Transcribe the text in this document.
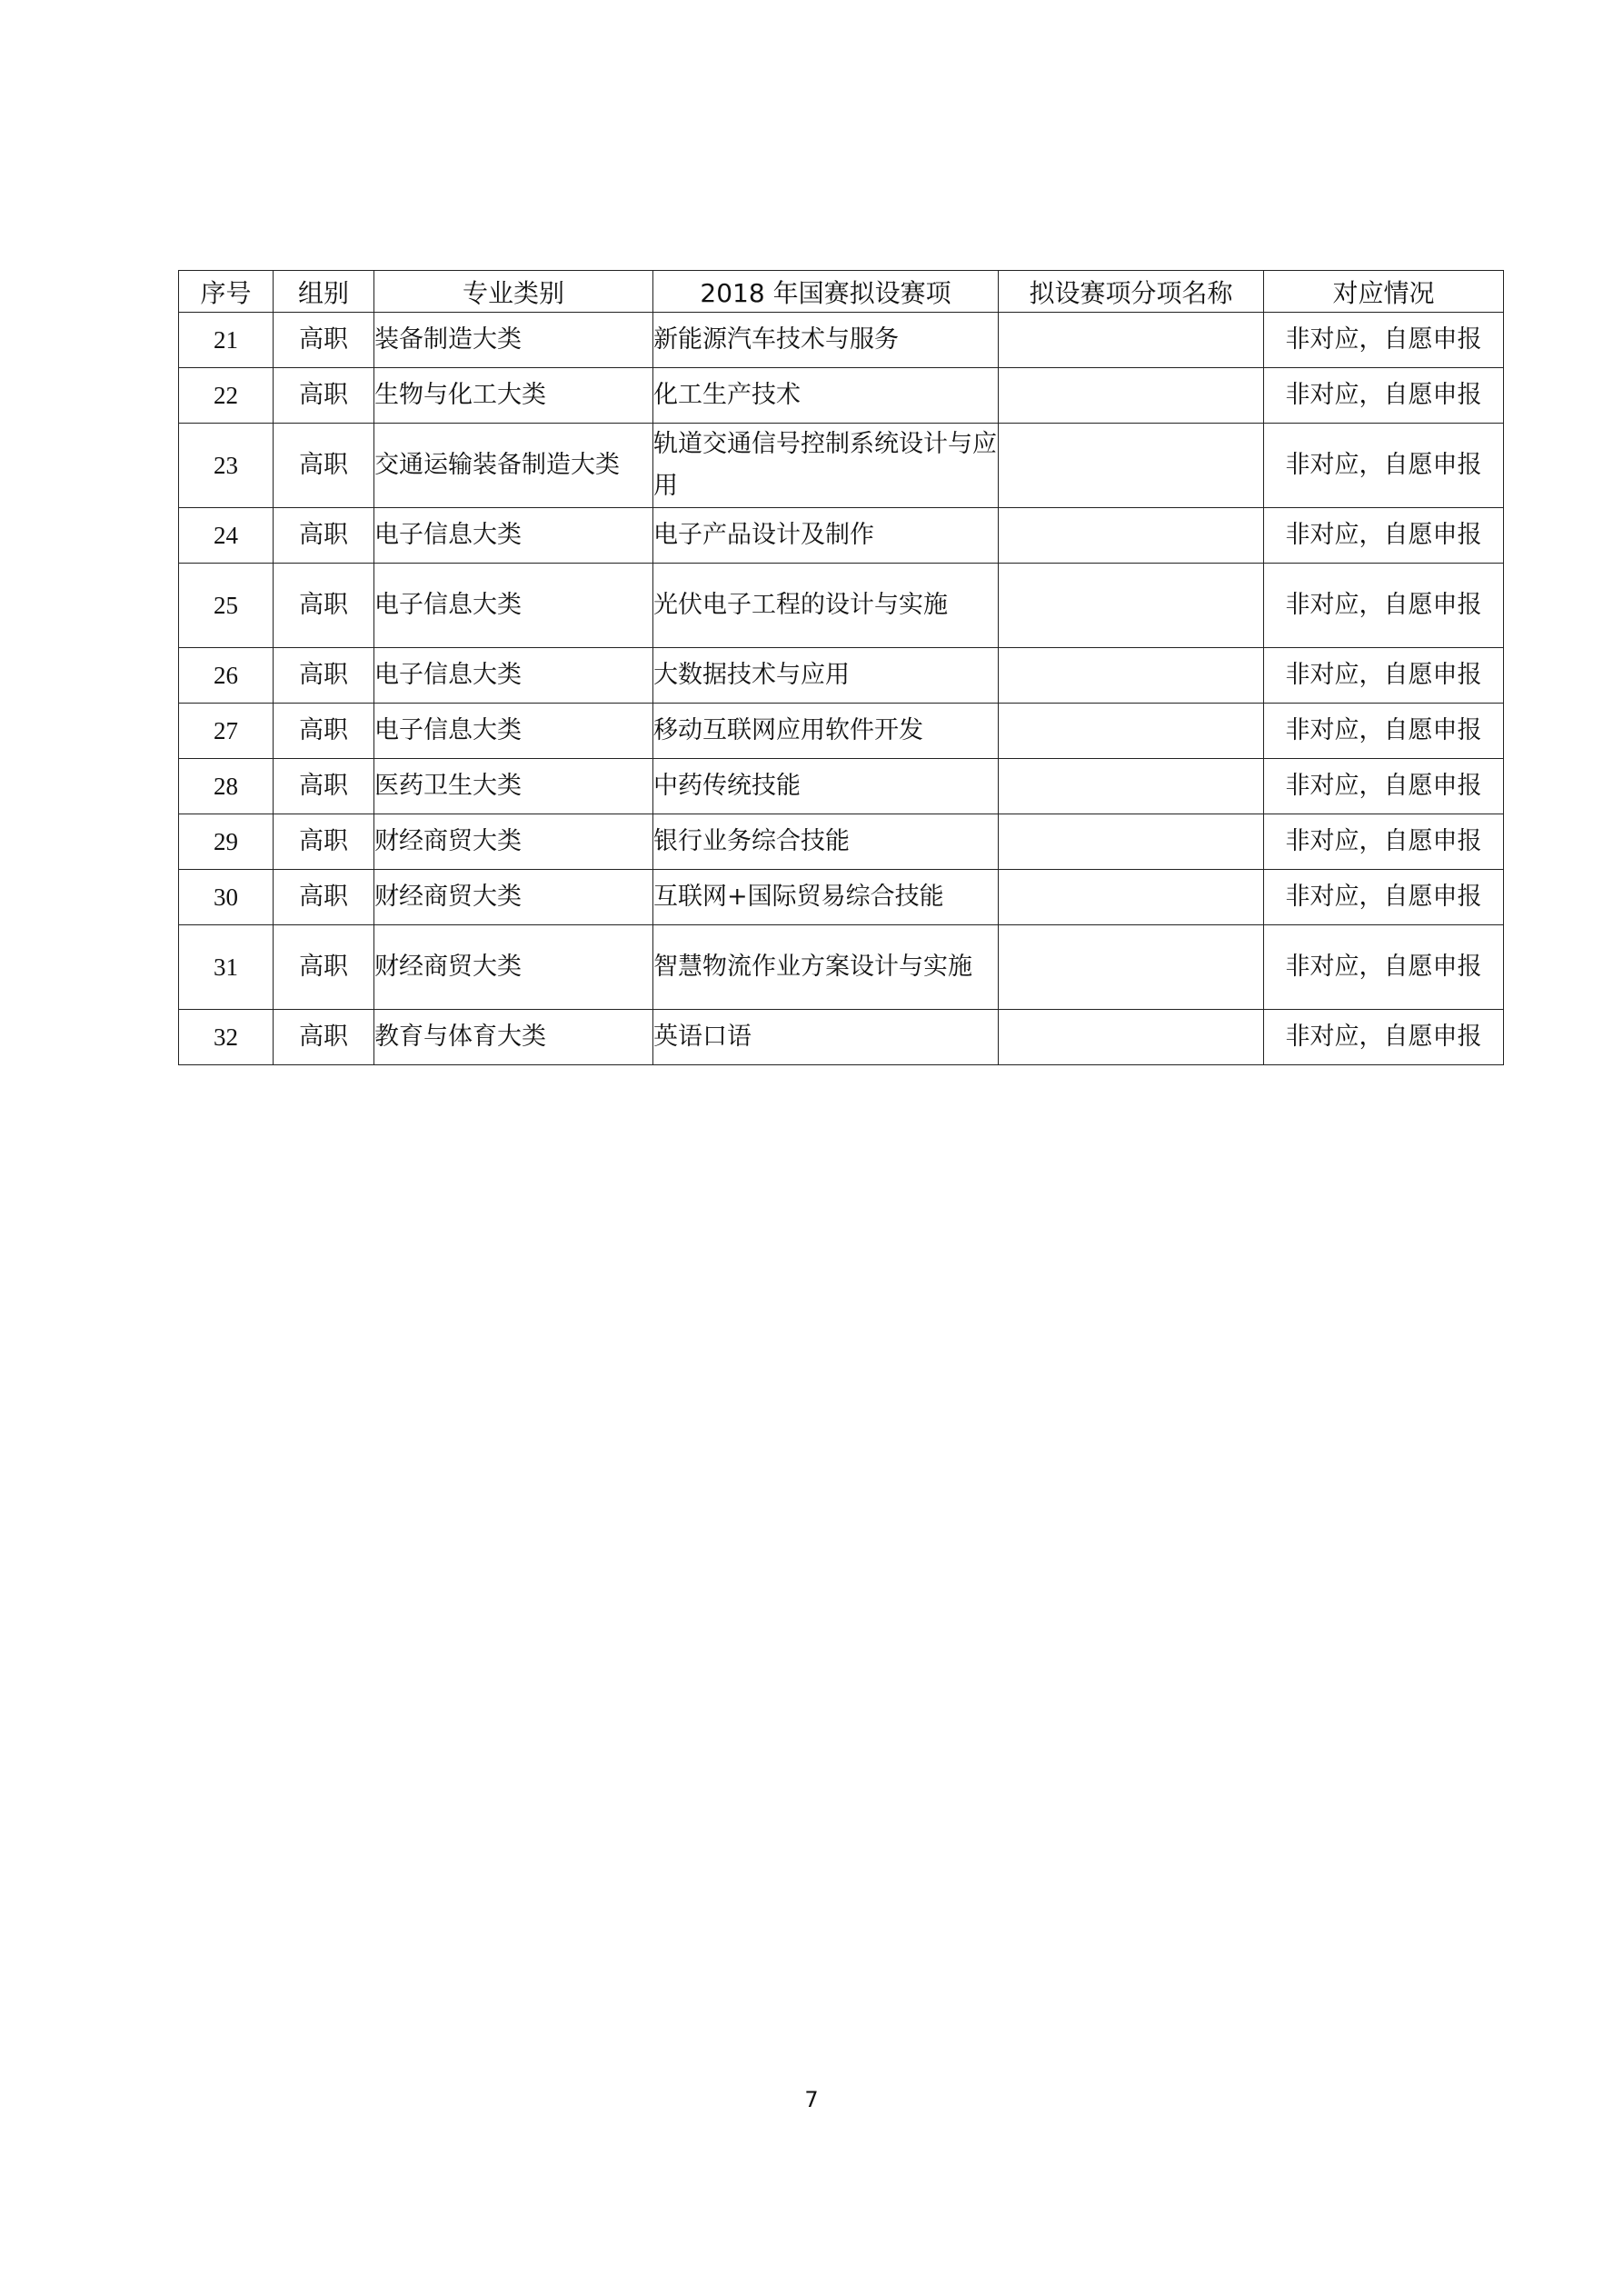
序号	组别	专业类别	2018 年国赛拟设赛项	拟设赛项分项名称	对应情况
21	高职	装备制造大类	新能源汽车技术与服务		非对应，自愿申报
22	高职	生物与化工大类	化工生产技术		非对应，自愿申报
23	高职	交通运输装备制造大类	轨道交通信号控制系统设计与应用		非对应，自愿申报
24	高职	电子信息大类	电子产品设计及制作		非对应，自愿申报
25	高职	电子信息大类	光伏电子工程的设计与实施		非对应，自愿申报
26	高职	电子信息大类	大数据技术与应用		非对应，自愿申报
27	高职	电子信息大类	移动互联网应用软件开发		非对应，自愿申报
28	高职	医药卫生大类	中药传统技能		非对应，自愿申报
29	高职	财经商贸大类	银行业务综合技能		非对应，自愿申报
30	高职	财经商贸大类	互联网+国际贸易综合技能		非对应，自愿申报
31	高职	财经商贸大类	智慧物流作业方案设计与实施		非对应，自愿申报
32	高职	教育与体育大类	英语口语		非对应，自愿申报
7
